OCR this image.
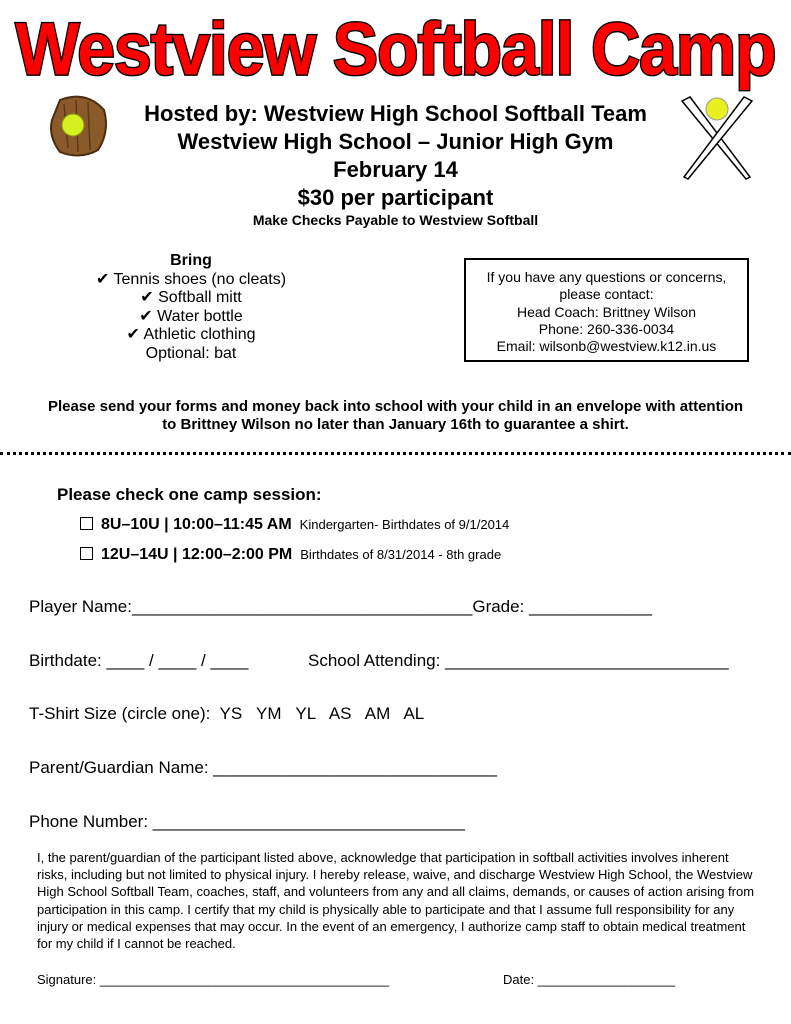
Westview Softball Camp
Hosted by: Westview High School Softball Team
Westview High School – Junior High Gym
February 14
$30 per participant
Make Checks Payable to Westview Softball
Bring
✔ Tennis shoes (no cleats)
✔ Softball mitt
✔ Water bottle
✔ Athletic clothing
Optional: bat
If you have any questions or concerns,
please contact:
Head Coach: Brittney Wilson
Phone: 260-336-0034
Email: wilsonb@westview.k12.in.us
Please send your forms and money back into school with your child in an envelope with attention
to Brittney Wilson no later than January 16th to guarantee a shirt.
Please check one camp session:
8U–10U | 10:00–11:45 AM Kindergarten- Birthdates of 9/1/2014
12U–14U | 12:00–2:00 PM Birthdates of 8/31/2014 - 8th grade
Player Name:____________________________________Grade: _____________
Birthdate: ____ / ____ / ____	School Attending: ______________________________
T-Shirt Size (circle one):  YS   YM   YL   AS   AM   AL
Parent/Guardian Name: ______________________________
Phone Number: _________________________________
I, the parent/guardian of the participant listed above, acknowledge that participation in softball activities involves inherent risks, including but not limited to physical injury. I hereby release, waive, and discharge Westview High School, the Westview High School Softball Team, coaches, staff, and volunteers from any and all claims, demands, or causes of action arising from participation in this camp. I certify that my child is physically able to participate and that I assume full responsibility for any injury or medical expenses that may occur. In the event of an emergency, I authorize camp staff to obtain medical treatment for my child if I cannot be reached.
Signature: ________________________________________	Date: ___________________
